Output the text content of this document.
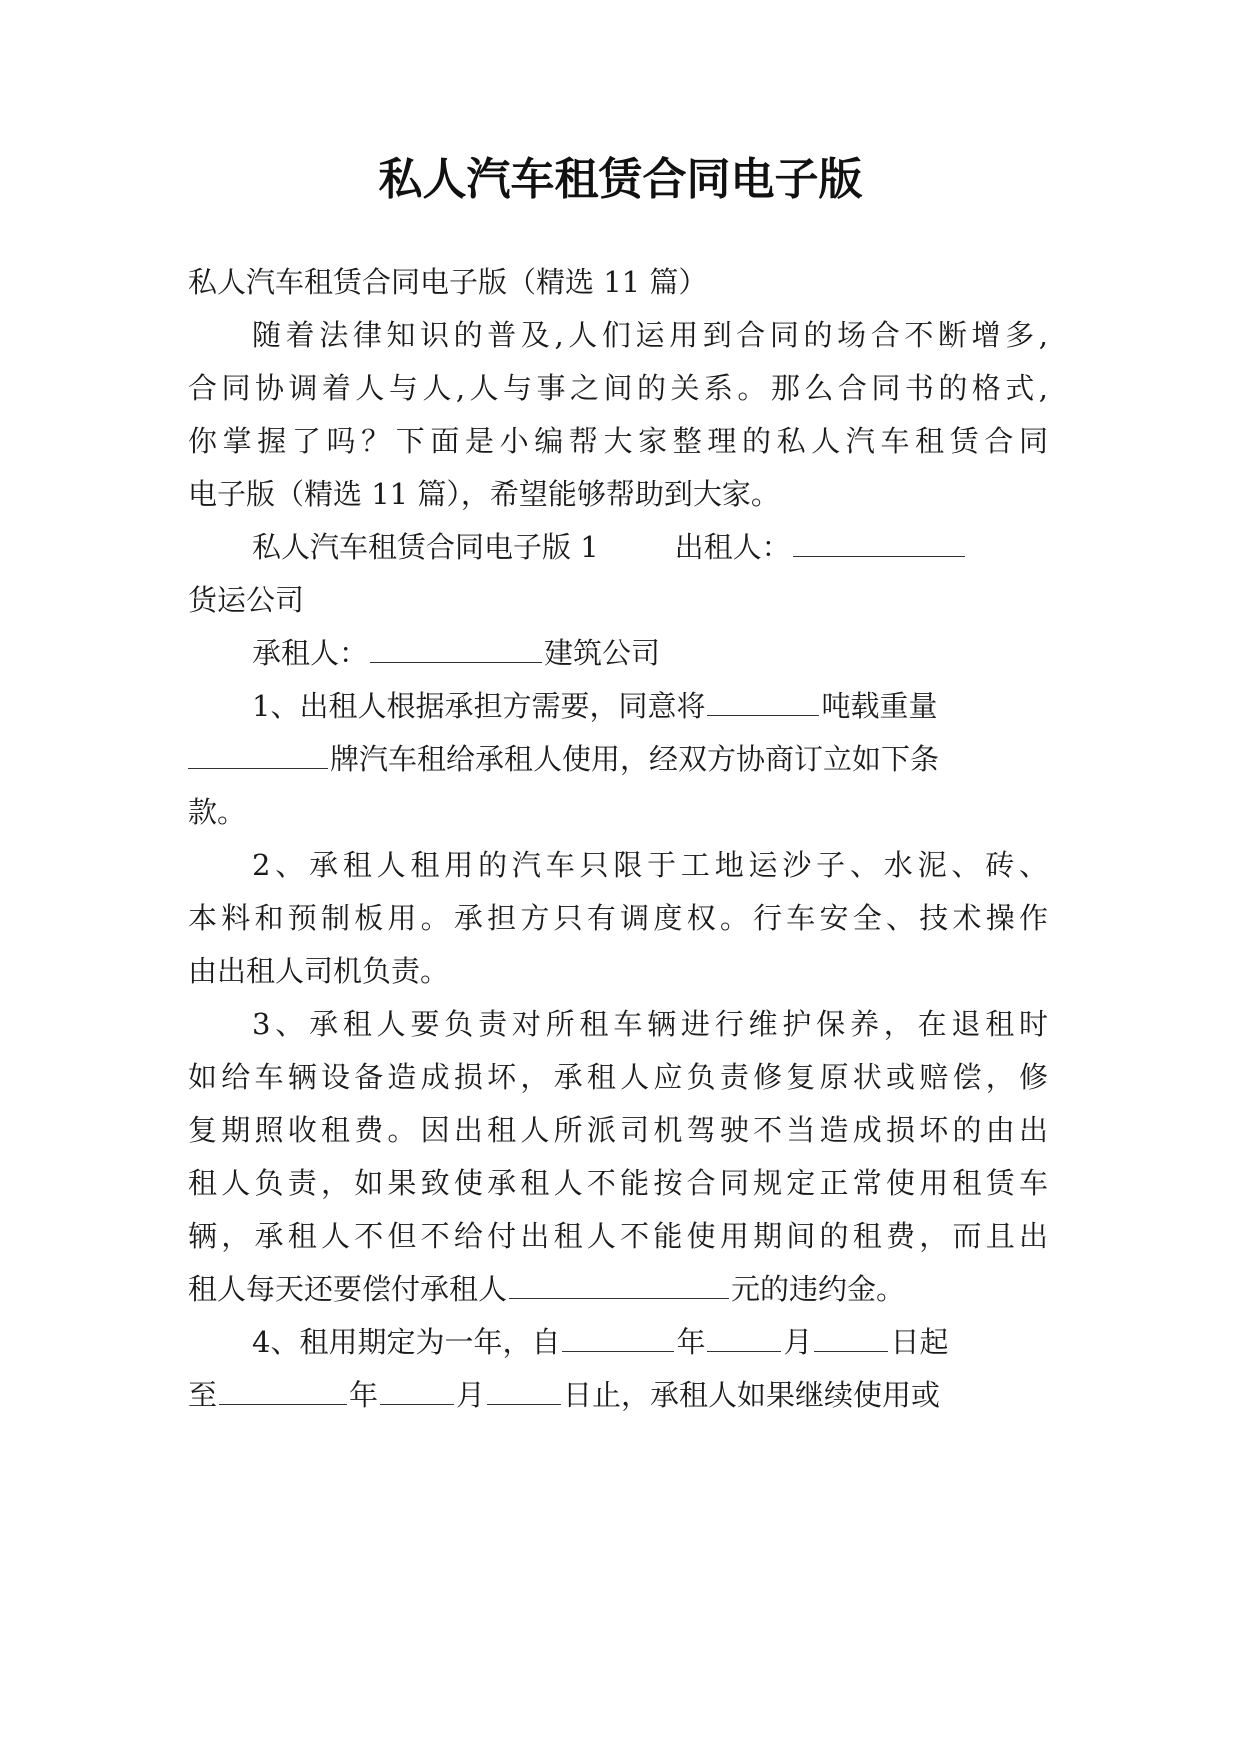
私人汽车租赁合同电子版
私人汽车租赁合同电子版（精选 11 篇）
随着法律知识的普及,人们运用到合同的场合不断增多,
合同协调着人与人,人与事之间的关系。那么合同书的格式,
你掌握了吗？下面是小编帮大家整理的私人汽车租赁合同
电子版（精选 11 篇），希望能够帮助到大家。
私人汽车租赁合同电子版 1	出租人：
货运公司
承租人：	建筑公司
1、出租人根据承担方需要，同意将	吨载重量
牌汽车租给承租人使用，经双方协商订立如下条
款。
2、承租人租用的汽车只限于工地运沙子、水泥、砖、
本料和预制板用。承担方只有调度权。行车安全、技术操作
由出租人司机负责。
3、承租人要负责对所租车辆进行维护保养，在退租时
如给车辆设备造成损坏，承租人应负责修复原状或赔偿，修
复期照收租费。因出租人所派司机驾驶不当造成损坏的由出
租人负责，如果致使承租人不能按合同规定正常使用租赁车
辆，承租人不但不给付出租人不能使用期间的租费，而且出
租人每天还要偿付承租人	元的违约金。
4、租用期定为一年，自	年	月	日起
至	年	月	日止，承租人如果继续使用或
